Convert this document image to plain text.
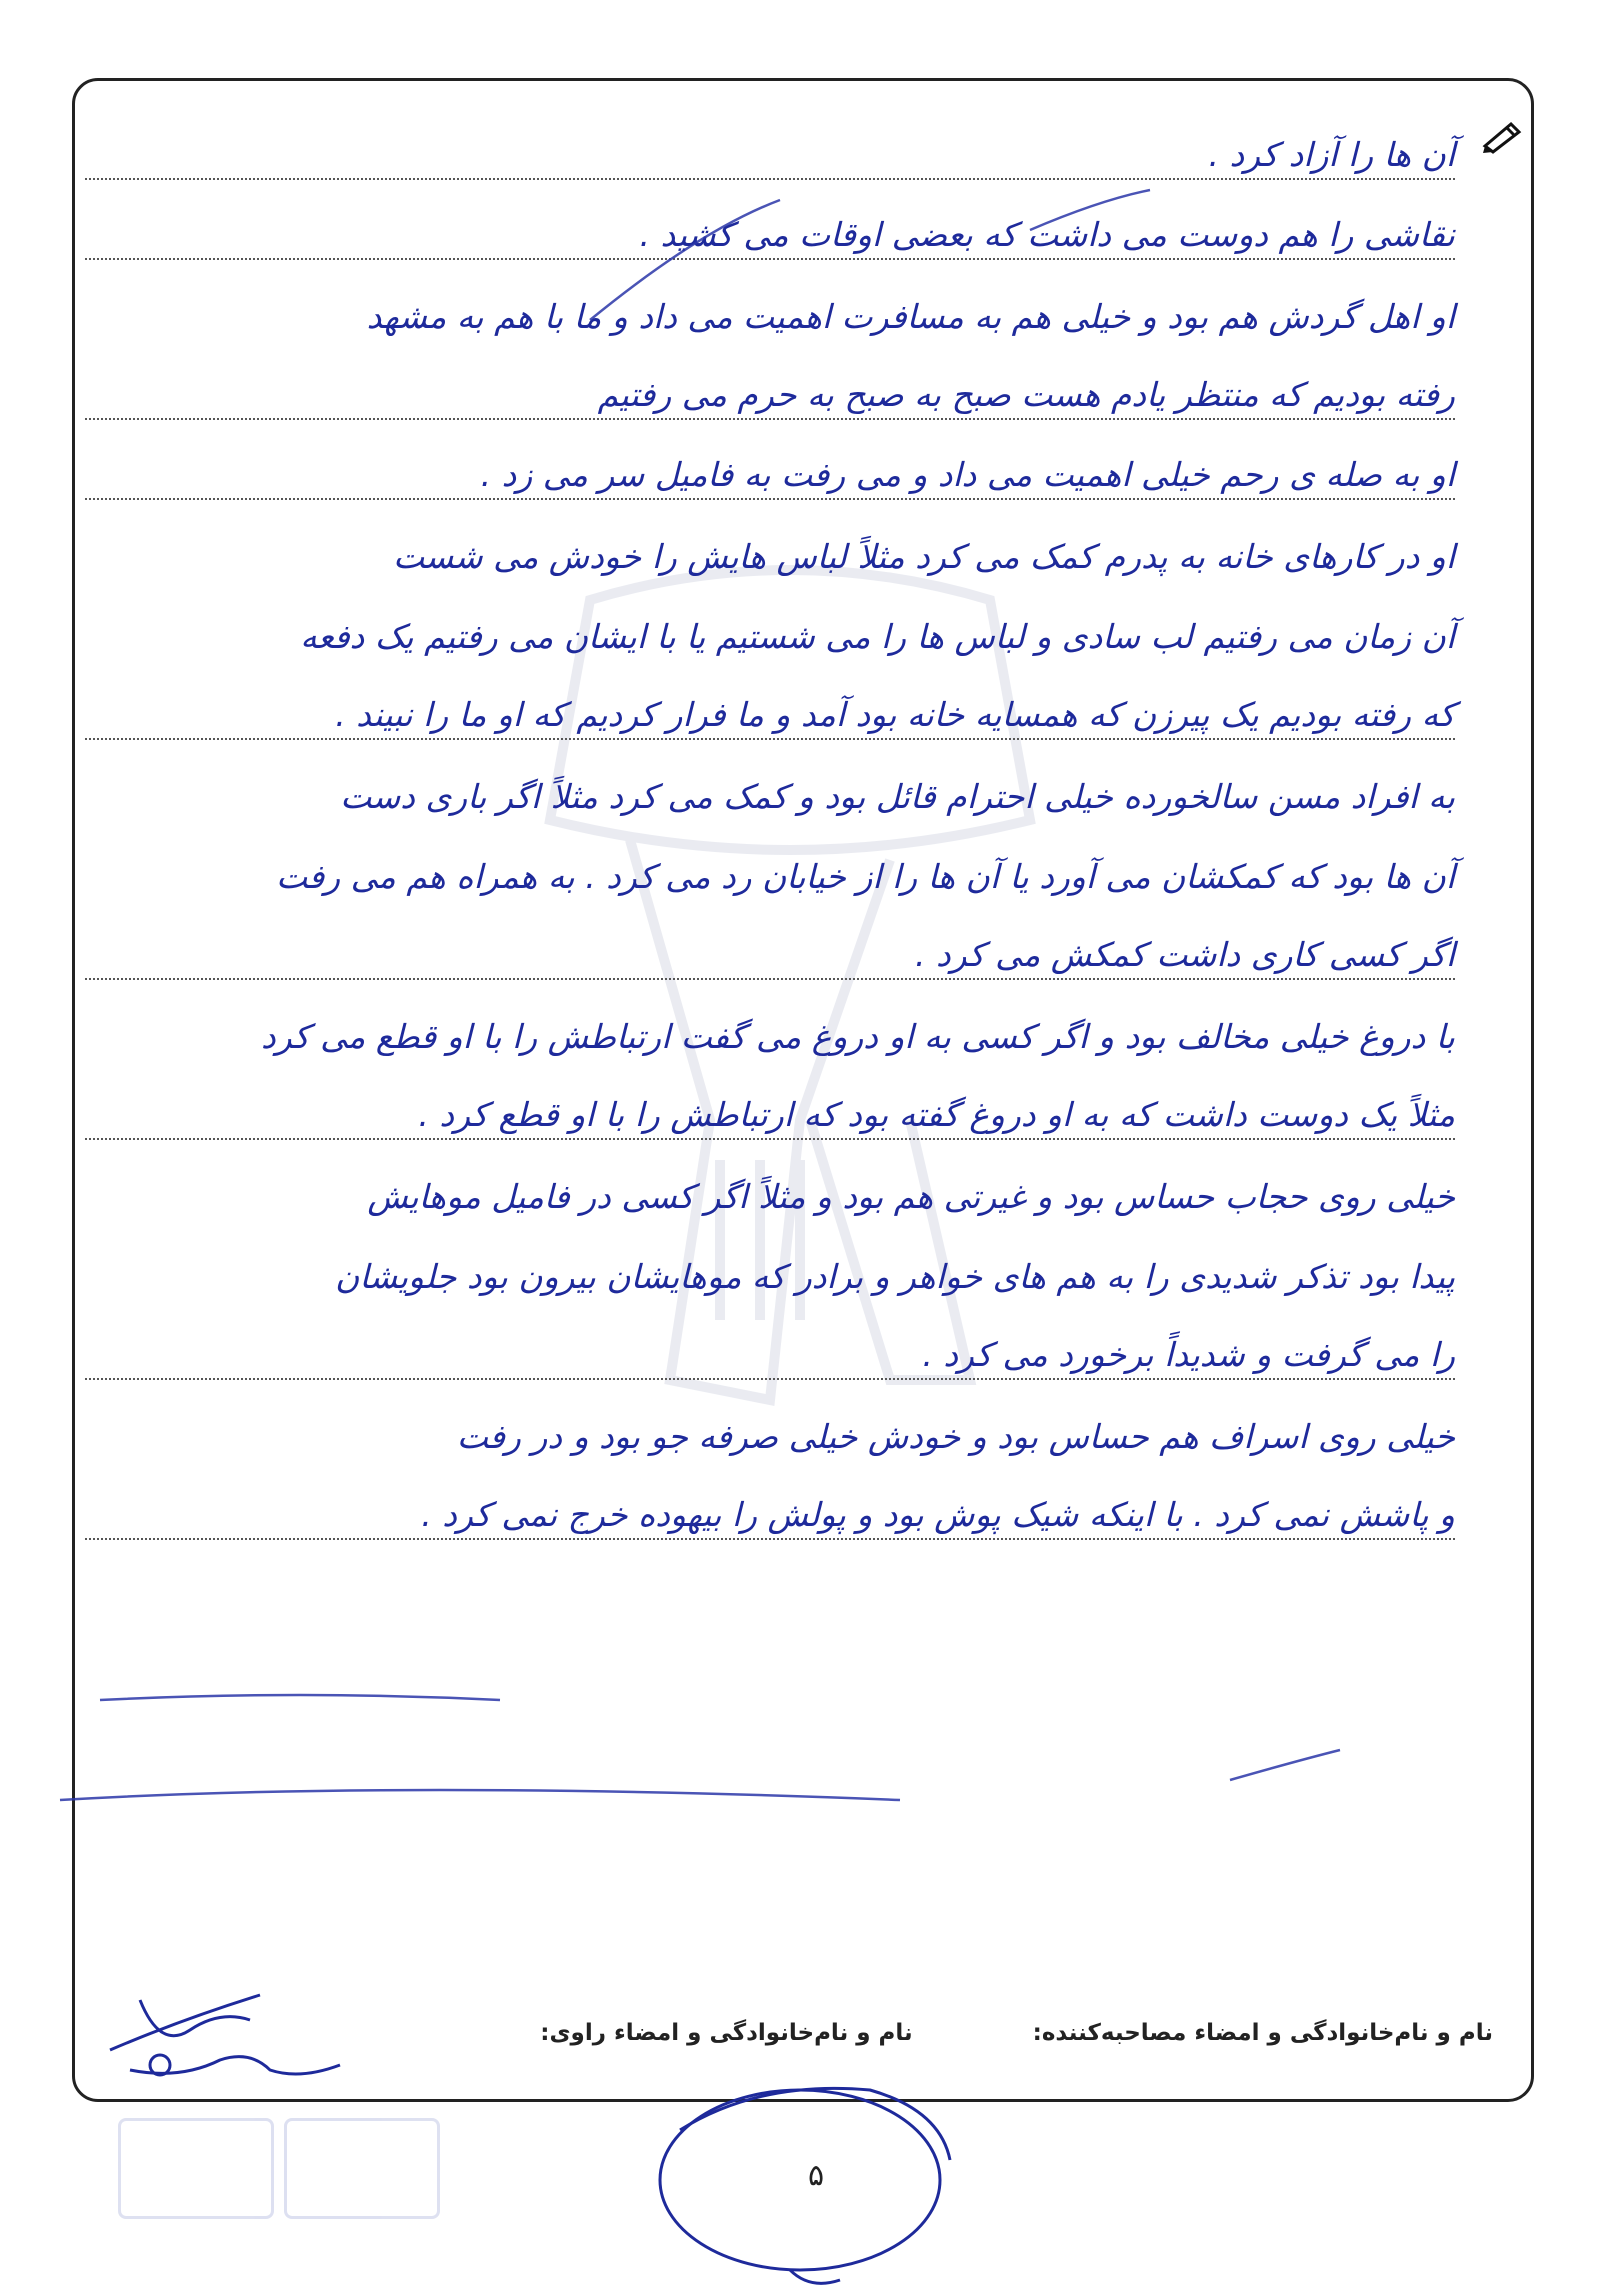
آن ها را آزاد کرد .
نقاشی را هم دوست می داشت که بعضی اوقات می کشید .
او اهل گردش هم بود و خیلی هم به مسافرت اهمیت می داد و ما با هم به مشهد
رفته بودیم که منتظر یادم هست صبح به صبح به حرم می رفتیم
او به صله ی رحم خیلی اهمیت می داد و می رفت به فامیل سر می زد .
او در کارهای خانه به پدرم کمک می کرد مثلاً لباس هایش را خودش می شست
آن زمان می رفتیم لب سادی و لباس ها را می شستیم یا با ایشان می رفتیم یک دفعه
که رفته بودیم یک پیرزن که همسایه خانه بود آمد و ما فرار کردیم که او ما را نبیند .
به افراد مسن سالخورده خیلی احترام قائل بود و کمک می کرد مثلاً اگر باری دست
آن ها بود که کمکشان می آورد یا آن ها را از خیابان رد می کرد . به همراه هم می رفت
اگر کسی کاری داشت کمکش می کرد .
با دروغ خیلی مخالف بود و اگر کسی به او دروغ می گفت ارتباطش را با او قطع می کرد
مثلاً یک دوست داشت که به او دروغ گفته بود که ارتباطش را با او قطع کرد .
خیلی روی حجاب حساس بود و غیرتی هم بود و مثلاً اگر کسی در فامیل موهایش
پیدا بود تذکر شدیدی را به هم های خواهر و برادر که موهایشان بیرون بود جلویشان
را می گرفت و شدیداً برخورد می کرد .
خیلی روی اسراف هم حساس بود و خودش خیلی صرفه جو بود و در رفت
و پاشش نمی کرد . با اینکه شیک پوش بود و پولش را بیهوده خرج نمی کرد .
نام و نام‌خانوادگی و امضاء مصاحبه‌کننده:
نام و نام‌خانوادگی و امضاء راوی:
۵
